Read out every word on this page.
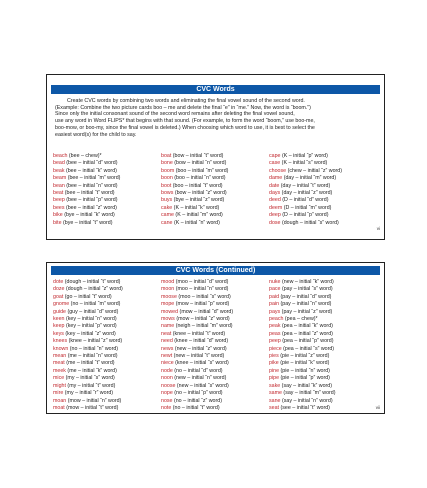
CVC Words

Create CVC words by combining two words and eliminating the final vowel sound of the second word.

(Example: Combine the two picture cards boo – me and delete the final “e” in “me.” Now, the word is “boom.”)

Since only the initial consonant sound of the second word remains after deleting the final vowel sound,

use any word in Word FLIPS* that begins with that sound. (For example, to form the word “boom,” use boo-me,

boo-mow, or boo-my, since the final vowel is deleted.) When choosing which word to use, it is best to select the

easiest word(s) for the child to say.

beach (bee – chew)*
bead (bee – initial “d” word)
beak (bee – initial “k” word)
beam (bee – initial “m” word)
bean (bee – initial “n” word)
beat (bee – initial “t” word)
beep (bee – initial “p” word)
bees (bee – initial “z” word)
bike (bye – initial “k” word)
bite (bye – initial “t” word)
boat (bow – initial “t” word)
bone (bow – initial “n” word)
boom (boo – initial “m” word)
boon (boo – initial “n” word)
boot (boo – initial “t” word)
bows (bow – initial “z” word)
buys (bye – initial “z” word)
cake (K – initial “k” word)
came (K – initial “m” word)
cane (K – initial “n” word)
cape (K – initial “p” word)
case (K – initial “s” word)
choose (chew – initial “z” word)
dame (day – initial “m” word)
date (day – initial “t” word)
days (day – initial “z” word)
deed (D – initial “d” word)
deem (D – initial “m” word)
deep (D – initial “p” word)
dose (dough – initial “s” word)
vi
CVC Words (Continued)
dote (dough – initial “t” word)
doze (dough – initial “z” word)
goat (go – initial “t” word)
gnome (no – initial “m” word)
guide (guy – initial “d” word)
keen (key – initial “n” word)
keep (key – initial “p” word)
keys (key – initial “z” word)
knees (knee – initial “z” word)
known (no – initial “n” word)
mean (me – initial “n” word)
meat (me – initial “t” word)
meek (me – initial “k” word)
mice (my – initial “s” word)
might (my – initial “t” word)
mire (my – initial “r” word)
moan (mow – initial “n” word)
moat (mow – initial “t” word)
mood (moo – initial “d” word)
moon (moo – initial “n” word)
moose (moo – initial “s” word)
mope (mow – initial “p” word)
mowed (mow – initial “d” word)
mows (mow – initial “z” word)
name (neigh – initial “m” word)
neat (knee – initial “t” word)
need (knee – initial “d” word)
news (new – initial “z” word)
newt (new – initial “t” word)
niece (knee – initial “s” word)
node (no – initial “d” word)
noon (new – initial “n” word)
noose (new – initial “s” word)
nope (no – initial “p” word)
nose (no – initial “z” word)
note (no – initial “t” word)
nuke (new – initial “k” word)
pace (pay – initial “s” word)
paid (pay – initial “d” word)
pain (pay – initial “n” word)
pays (pay – initial “z” word)
peach (pea – chew)*
peak (pea – initial “k” word)
peas (pea – initial “z” word)
peep (pea – initial “p” word)
piece (pea – initial “s” word)
pies (pie – initial “z” word)
pike (pie – initial “k” word)
pine (pie – initial “n” word)
pipe (pie – initial “p” word)
sake (say – initial “k” word)
same (say – initial “m” word)
sane (say – initial “n” word)
seat (see – initial “t” word)	vii
